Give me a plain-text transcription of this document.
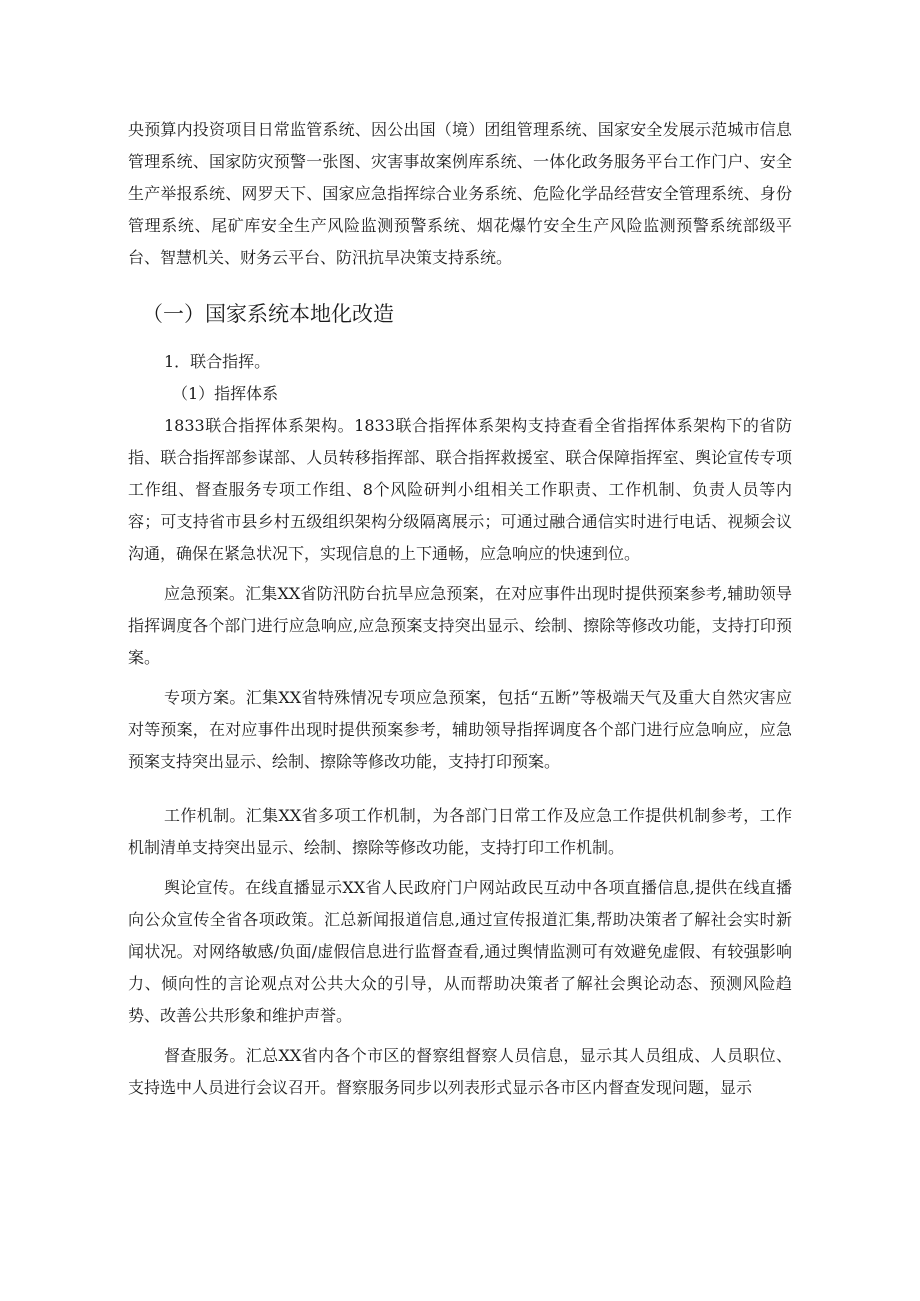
央预算内投资项目日常监管系统、因公出国（境）团组管理系统、国家安全发展示范城市信息管理系统、国家防灾预警一张图、灾害事故案例库系统、一体化政务服务平台工作门户、安全生产举报系统、网罗天下、国家应急指挥综合业务系统、危险化学品经营安全管理系统、身份管理系统、尾矿库安全生产风险监测预警系统、烟花爆竹安全生产风险监测预警系统部级平台、智慧机关、财务云平台、防汛抗旱决策支持系统。

（一）国家系统本地化改造

1．联合指挥。

（1）指挥体系

1833联合指挥体系架构。1833联合指挥体系架构支持查看全省指挥体系架构下的省防指、联合指挥部参谋部、人员转移指挥部、联合指挥救援室、联合保障指挥室、舆论宣传专项工作组、督查服务专项工作组、8个风险研判小组相关工作职责、工作机制、负责人员等内容；可支持省市县乡村五级组织架构分级隔离展示；可通过融合通信实时进行电话、视频会议沟通，确保在紧急状况下，实现信息的上下通畅，应急响应的快速到位。

应急预案。汇集XX省防汛防台抗旱应急预案，在对应事件出现时提供预案参考,辅助领导指挥调度各个部门进行应急响应,应急预案支持突出显示、绘制、擦除等修改功能，支持打印预案。

专项方案。汇集XX省特殊情况专项应急预案，包括“五断”等极端天气及重大自然灾害应对等预案，在对应事件出现时提供预案参考，辅助领导指挥调度各个部门进行应急响应，应急预案支持突出显示、绘制、擦除等修改功能，支持打印预案。

工作机制。汇集XX省多项工作机制，为各部门日常工作及应急工作提供机制参考，工作机制清单支持突出显示、绘制、擦除等修改功能，支持打印工作机制。

舆论宣传。在线直播显示XX省人民政府门户网站政民互动中各项直播信息,提供在线直播向公众宣传全省各项政策。汇总新闻报道信息,通过宣传报道汇集,帮助决策者了解社会实时新闻状况。对网络敏感/负面/虚假信息进行监督查看,通过舆情监测可有效避免虚假、有较强影响力、倾向性的言论观点对公共大众的引导，从而帮助决策者了解社会舆论动态、预测风险趋势、改善公共形象和维护声誉。

督查服务。汇总XX省内各个市区的督察组督察人员信息，显示其人员组成、人员职位、支持选中人员进行会议召开。督察服务同步以列表形式显示各市区内督查发现问题，显示
